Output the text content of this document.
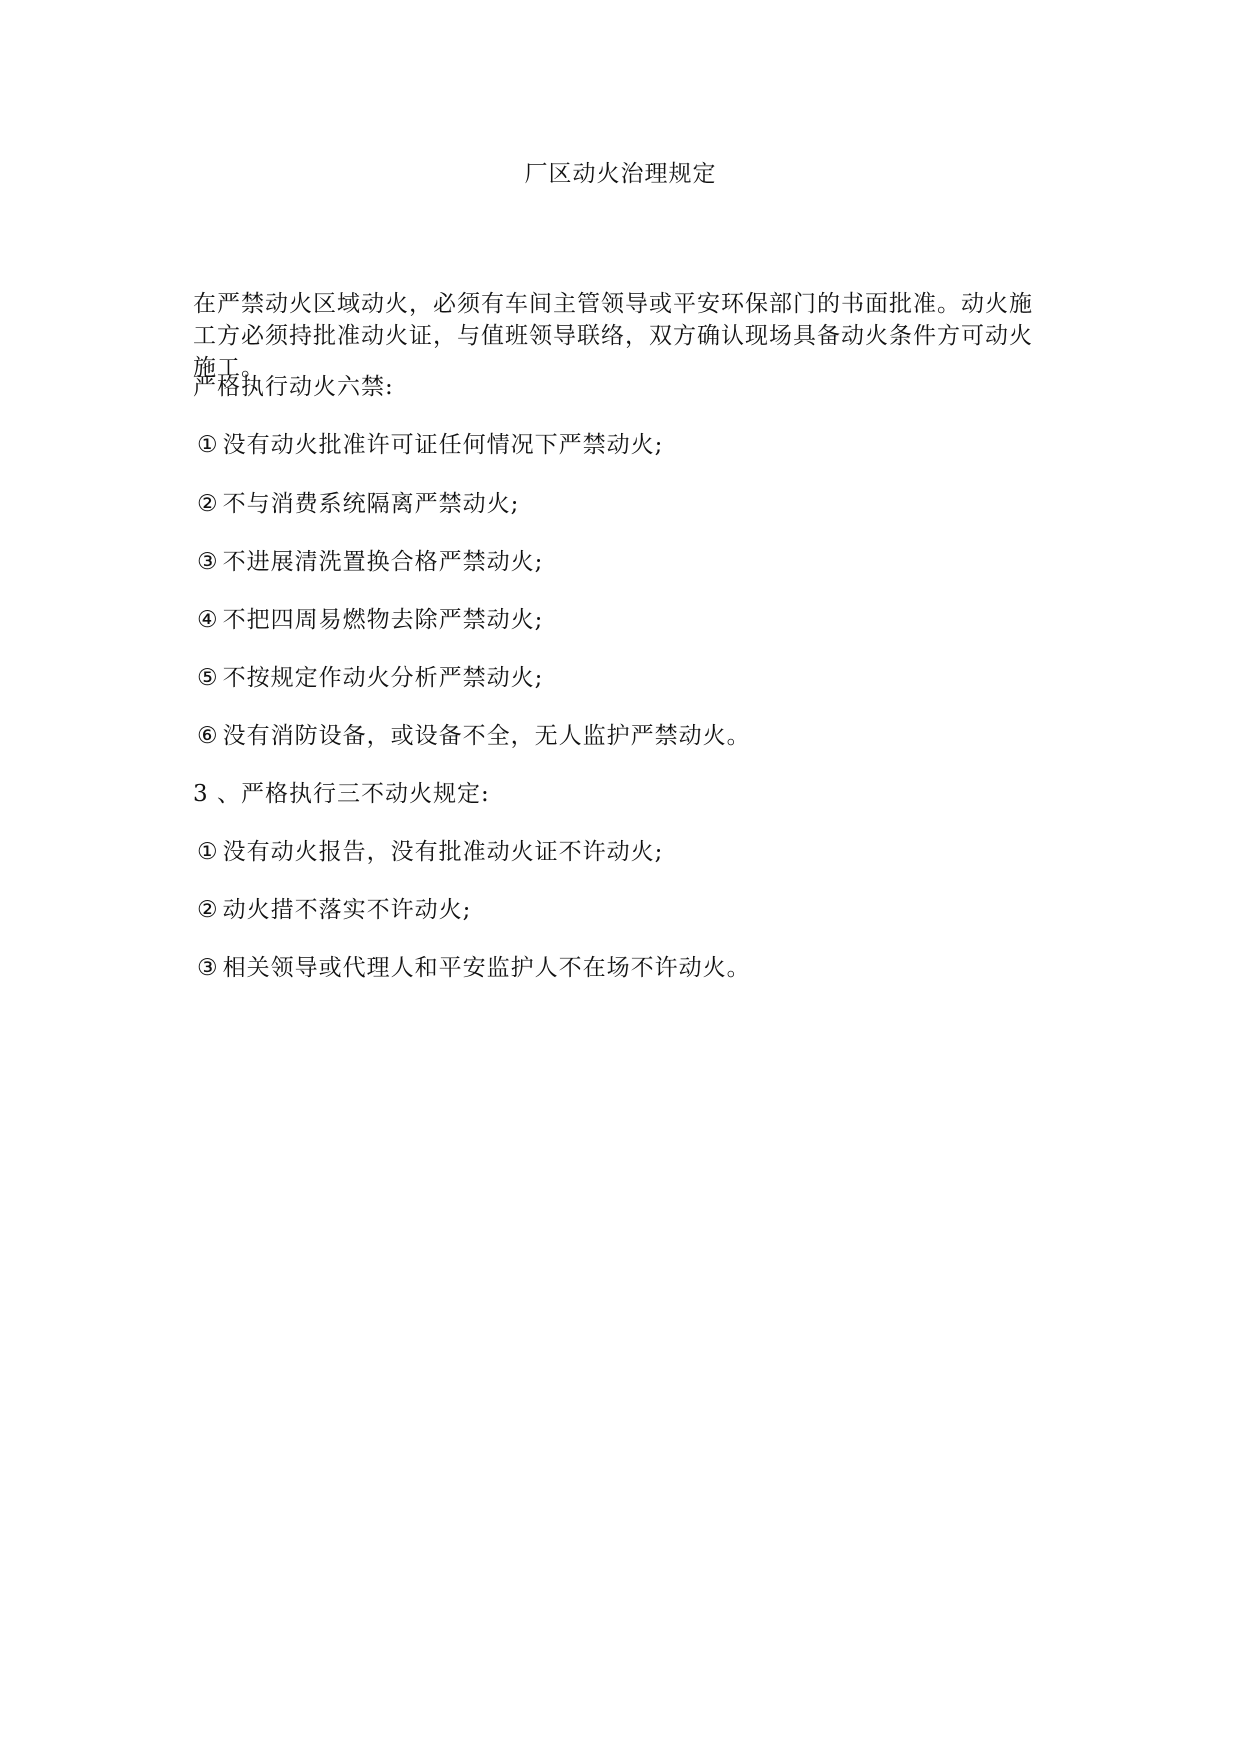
厂区动火治理规定
在严禁动火区域动火，必须有车间主管领导或平安环保部门的书面批准。动火施工方必须持批准动火证，与值班领导联络，双方确认现场具备动火条件方可动火施工。
严格执行动火六禁:
① 没有动火批准许可证任何情况下严禁动火;
② 不与消费系统隔离严禁动火;
③ 不进展清洗置换合格严禁动火;
④ 不把四周易燃物去除严禁动火;
⑤ 不按规定作动火分析严禁动火;
⑥ 没有消防设备，或设备不全，无人监护严禁动火。
3 、严格执行三不动火规定:
① 没有动火报告，没有批准动火证不许动火;
② 动火措不落实不许动火;
③ 相关领导或代理人和平安监护人不在场不许动火。
